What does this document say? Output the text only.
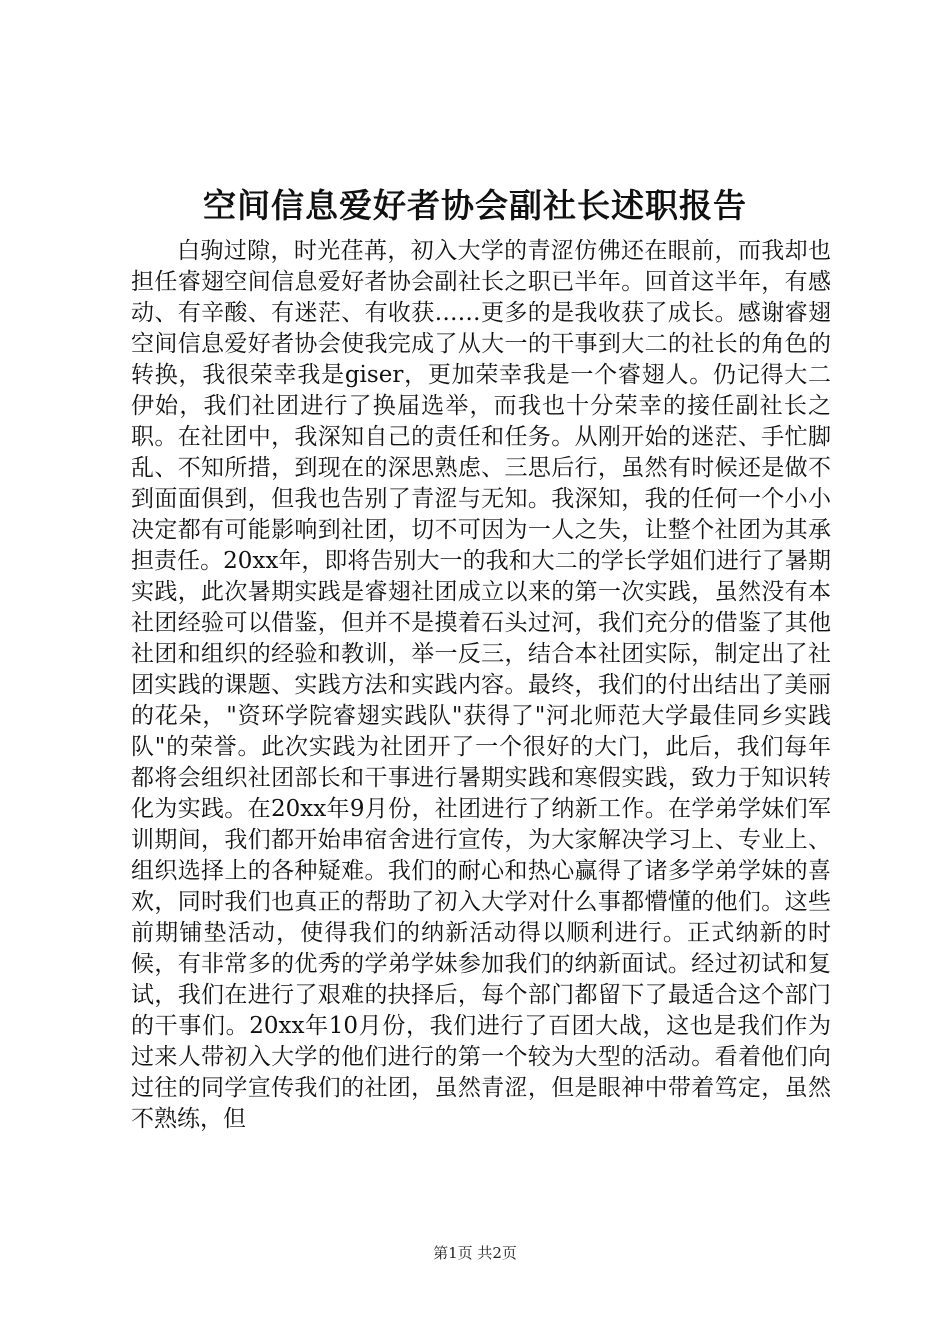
空间信息爱好者协会副社长述职报告

白驹过隙，时光荏苒，初入大学的青涩仿佛还在眼前，而我却也担任睿翅空间信息爱好者协会副社长之职已半年。回首这半年，有感动、有辛酸、有迷茫、有收获……更多的是我收获了成长。感谢睿翅空间信息爱好者协会使我完成了从大一的干事到大二的社长的角色的转换，我很荣幸我是giser，更加荣幸我是一个睿翅人。仍记得大二伊始，我们社团进行了换届选举，而我也十分荣幸的接任副社长之职。在社团中，我深知自己的责任和任务。从刚开始的迷茫、手忙脚乱、不知所措，到现在的深思熟虑、三思后行，虽然有时候还是做不到面面俱到，但我也告别了青涩与无知。我深知，我的任何一个小小决定都有可能影响到社团，切不可因为一人之失，让整个社团为其承担责任。20xx年，即将告别大一的我和大二的学长学姐们进行了暑期实践，此次暑期实践是睿翅社团成立以来的第一次实践，虽然没有本社团经验可以借鉴，但并不是摸着石头过河，我们充分的借鉴了其他社团和组织的经验和教训，举一反三，结合本社团实际，制定出了社团实践的课题、实践方法和实践内容。最终，我们的付出结出了美丽的花朵，"资环学院睿翅实践队"获得了"河北师范大学最佳同乡实践队"的荣誉。此次实践为社团开了一个很好的大门，此后，我们每年都将会组织社团部长和干事进行暑期实践和寒假实践，致力于知识转化为实践。在20xx年9月份，社团进行了纳新工作。在学弟学妹们军训期间，我们都开始串宿舍进行宣传，为大家解决学习上、专业上、组织选择上的各种疑难。我们的耐心和热心赢得了诸多学弟学妹的喜欢，同时我们也真正的帮助了初入大学对什么事都懵懂的他们。这些前期铺垫活动，使得我们的纳新活动得以顺利进行。正式纳新的时候，有非常多的优秀的学弟学妹参加我们的纳新面试。经过初试和复试，我们在进行了艰难的抉择后，每个部门都留下了最适合这个部门的干事们。20xx年10月份，我们进行了百团大战，这也是我们作为过来人带初入大学的他们进行的第一个较为大型的活动。看着他们向过往的同学宣传我们的社团，虽然青涩，但是眼神中带着笃定，虽然不熟练，但

第1页 共2页
